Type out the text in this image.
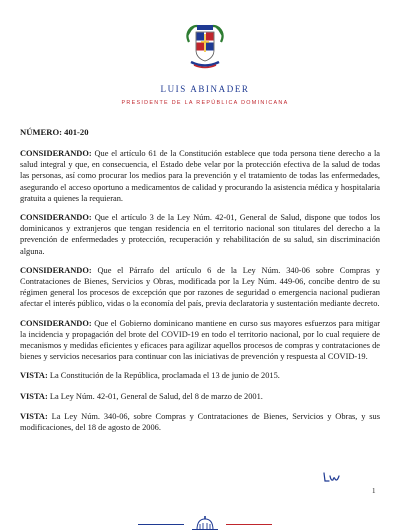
LUIS ABINADER
PRESIDENTE DE LA REPÚBLICA DOMINICANA

NÚMERO: 401-20

CONSIDERANDO: Que el artículo 61 de la Constitución establece que toda persona tiene derecho a la salud integral y que, en consecuencia, el Estado debe velar por la protección efectiva de la salud de todas las personas, así como procurar los medios para la prevención y el tratamiento de todas las enfermedades, asegurando el acceso oportuno a medicamentos de calidad y procurando la asistencia médica y hospitalaria gratuita a quienes la requieran.

CONSIDERANDO: Que el artículo 3 de la Ley Núm. 42-01, General de Salud, dispone que todos los dominicanos y extranjeros que tengan residencia en el territorio nacional son titulares del derecho a la prevención de enfermedades y protección, recuperación y rehabilitación de su salud, sin discriminación alguna.

CONSIDERANDO: Que el Párrafo del artículo 6 de la Ley Núm. 340-06 sobre Compras y Contrataciones de Bienes, Servicios y Obras, modificada por la Ley Núm. 449-06, concibe dentro de su régimen general los procesos de excepción que por razones de seguridad o emergencia nacional pudieran afectar el interés público, vidas o la economía del país, previa declaratoria y sustentación mediante decreto.

CONSIDERANDO: Que el Gobierno dominicano mantiene en curso sus mayores esfuerzos para mitigar la incidencia y propagación del brote del COVID-19 en todo el territorio nacional, por lo cual requiere de mecanismos y medidas eficientes y eficaces para agilizar aquellos procesos de compras y contrataciones de bienes y servicios necesarios para continuar con las iniciativas de prevención y respuesta al COVID-19.

VISTA: La Constitución de la República, proclamada el 13 de junio de 2015.

VISTA: La Ley Núm. 42-01, General de Salud, del 8 de marzo de 2001.

VISTA: La Ley Núm. 340-06, sobre Compras y Contrataciones de Bienes, Servicios y Obras, y sus modificaciones, del 18 de agosto de 2006.

1
